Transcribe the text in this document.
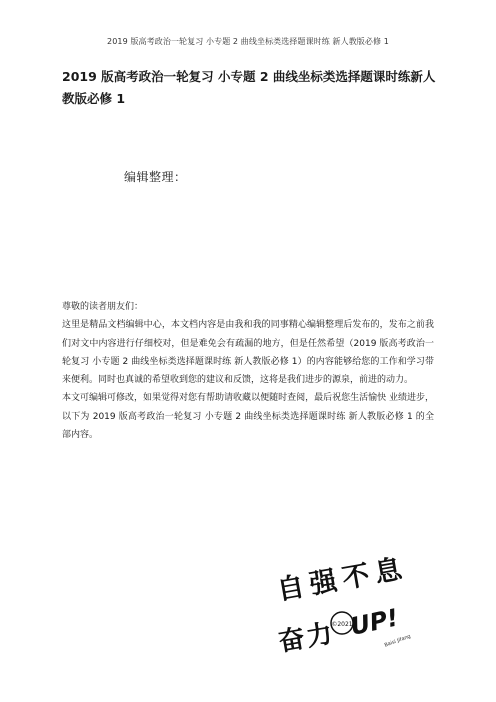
2019 版高考政治一轮复习 小专题 2 曲线坐标类选择题课时练 新人教版必修 1
2019 版高考政治一轮复习 小专题 2 曲线坐标类选择题课时练新人教版必修 1
编辑整理：

尊敬的读者朋友们：

这里是精品文档编辑中心，本文档内容是由我和我的同事精心编辑整理后发布的，发布之前我们对文中内容进行仔细校对，但是难免会有疏漏的地方，但是任然希望（2019 版高考政治一轮复习 小专题 2 曲线坐标类选择题课时练 新人教版必修 1）的内容能够给您的工作和学习带来便利。同时也真诚的希望收到您的建议和反馈，这将是我们进步的源泉，前进的动力。

本文可编辑可修改，如果觉得对您有帮助请收藏以便随时查阅，最后祝您生活愉快 业绩进步，以下为 2019 版高考政治一轮复习 小专题 2 曲线坐标类选择题课时练 新人教版必修 1 的全部内容。

自强不息
奋力
©2021
UP!
Baisi Jifang
